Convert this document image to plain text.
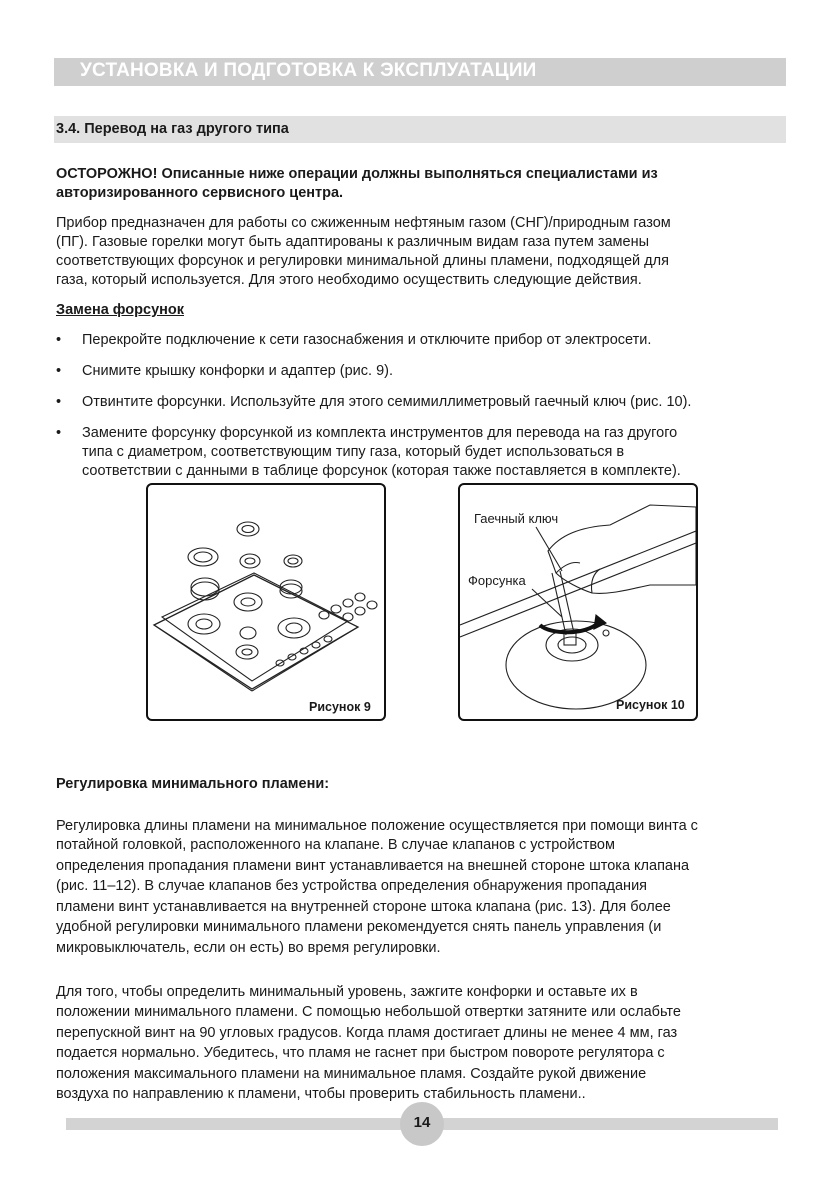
УСТАНОВКА И ПОДГОТОВКА К ЭКСПЛУАТАЦИИ
3.4. Перевод на газ другого типа
ОСТОРОЖНО! Описанные ниже операции должны выполняться специалистами из
авторизированного сервисного центра.
Прибор предназначен для работы со сжиженным нефтяным газом (СНГ)/природным газом
(ПГ). Газовые горелки могут быть адаптированы к различным видам газа путем замены
соответствующих форсунок и регулировки минимальной длины пламени, подходящей для
газа, который используется. Для этого необходимо осуществить следующие действия.
Замена форсунок
• Перекройте подключение к сети газоснабжения и отключите прибор от электросети.
• Снимите крышку конфорки и адаптер (рис. 9).
• Отвинтите форсунки. Используйте для этого семимиллиметровый гаечный ключ (рис. 10).
• Замените форсунку форсункой из комплекта инструментов для перевода на газ другого
типа с диаметром, соответствующим типу газа, который будет использоваться в
соответствии с данными в таблице форсунок (которая также поставляется в комплекте).
Рисунок 9
Гаечный ключ
Форсунка
Рисунок 10
Регулировка минимального пламени:
Регулировка длины пламени на минимальное положение осуществляется при помощи винта с
потайной головкой, расположенного на клапане. В случае клапанов с устройством
определения пропадания пламени винт устанавливается на внешней стороне штока клапана
(рис. 11–12). В случае клапанов без устройства определения обнаружения пропадания
пламени винт устанавливается на внутренней стороне штока клапана (рис. 13). Для более
удобной регулировки минимального пламени рекомендуется снять панель управления (и
микровыключатель, если он есть) во время регулировки.
Для того, чтобы определить минимальный уровень, зажгите конфорки и оставьте их в
положении минимального пламени. С помощью небольшой отвертки затяните или ослабьте
перепускной винт на 90 угловых градусов. Когда пламя достигает длины не менее 4 мм, газ
подается нормально. Убедитесь, что пламя не гаснет при быстром повороте регулятора с
положения максимального пламени на минимальное пламя. Создайте рукой движение
воздуха по направлению к пламени, чтобы проверить стабильность пламени..
14
